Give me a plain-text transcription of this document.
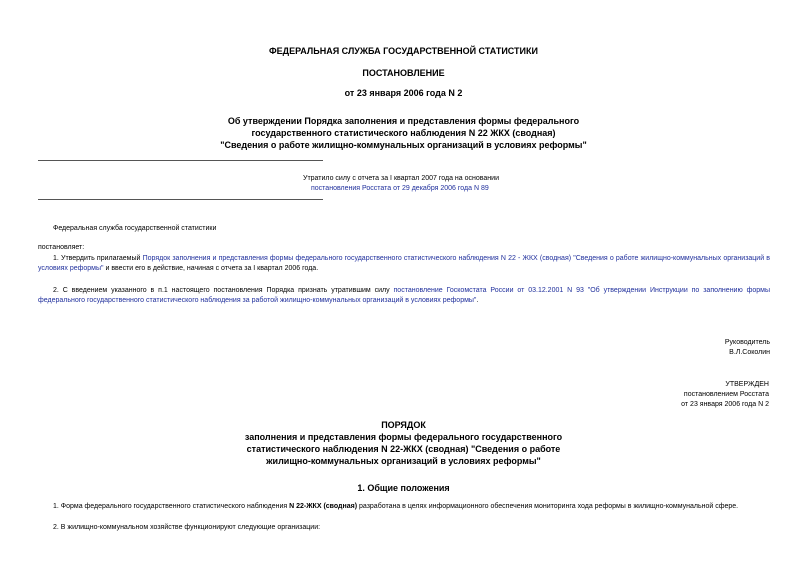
ФЕДЕРАЛЬНАЯ СЛУЖБА ГОСУДАРСТВЕННОЙ СТАТИСТИКИ
ПОСТАНОВЛЕНИЕ
от 23 января 2006 года N 2
Об утверждении Порядка заполнения и представления формы федерального
государственного статистического наблюдения N 22 ЖКХ (сводная)
"Сведения о работе жилищно-коммунальных организаций в условиях реформы"
Утратило силу с отчета за I квартал 2007 года на основании
постановления Росстата от 29 декабря 2006 года N 89
Федеральная служба государственной статистики
постановляет:
1. Утвердить прилагаемый Порядок заполнения и представления формы федерального государственного статистического наблюдения N 22 - ЖКХ (сводная) "Сведения о работе жилищно-коммунальных организаций в условиях реформы" и ввести его в действие, начиная с отчета за I квартал 2006 года.
2. С введением указанного в п.1 настоящего постановления Порядка признать утратившим силу постановление Госкомстата России от 03.12.2001 N 93 "Об утверждении Инструкции по заполнению формы федерального государственного статистического наблюдения за работой жилищно-коммунальных организаций в условиях реформы".
Руководитель
В.Л.Соколин
УТВЕРЖДЕН
постановлением Росстата
от 23 января 2006 года N 2
ПОРЯДОК
заполнения и представления формы федерального государственного
статистического наблюдения N 22-ЖКХ (сводная) "Сведения о работе
жилищно-коммунальных организаций в условиях реформы"
1. Общие положения
1. Форма федерального государственного статистического наблюдения N 22-ЖКХ (сводная) разработана в целях информационного обеспечения мониторинга хода реформы в жилищно-коммунальной сфере.
2. В жилищно-коммунальном хозяйстве функционируют следующие организации:
